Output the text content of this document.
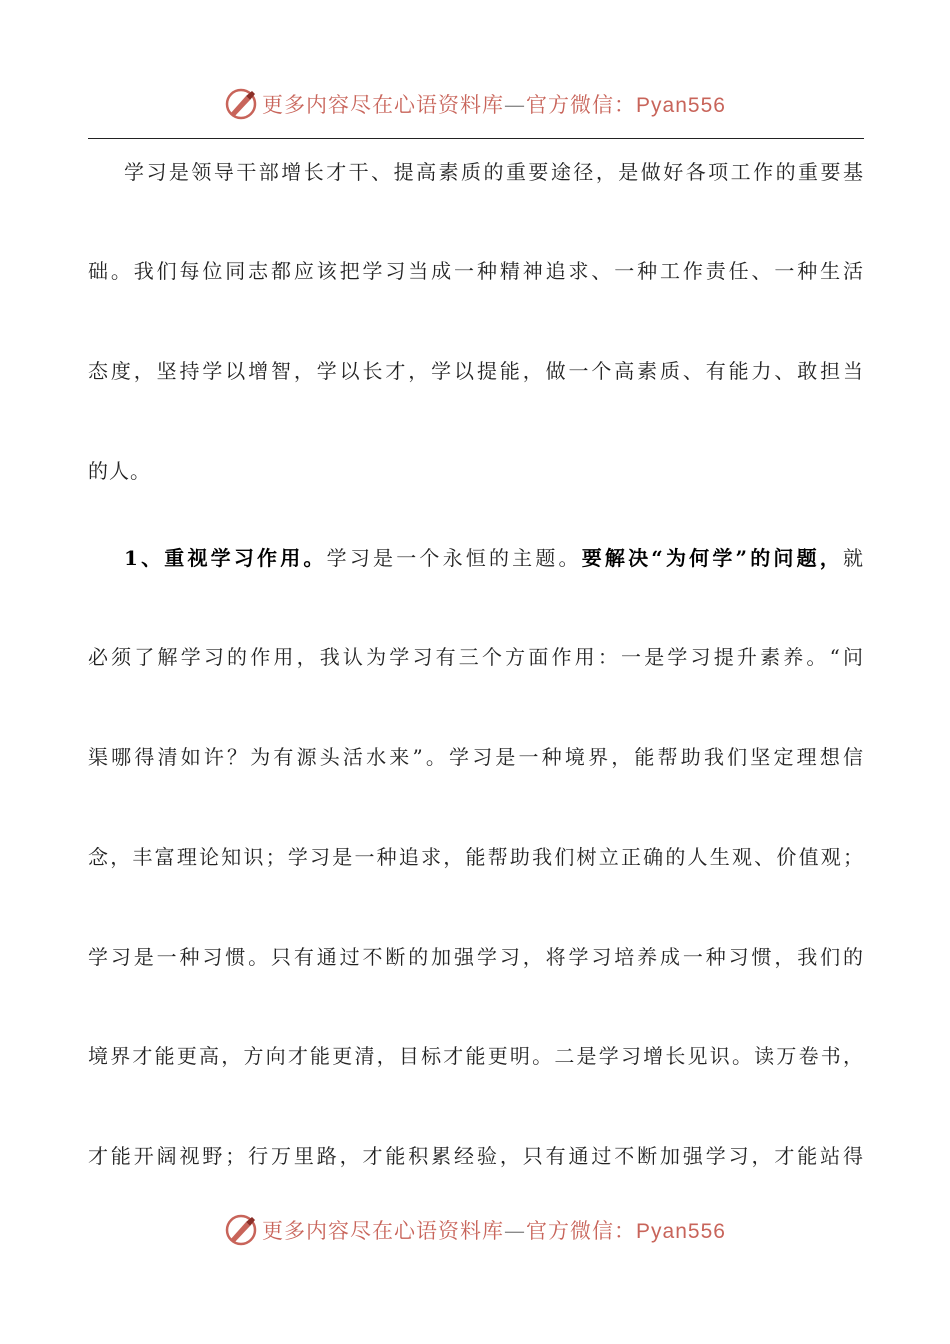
更多内容尽在心语资料库—官方微信：Pyan556
学习是领导干部增长才干、提高素质的重要途径，是做好各项工作的重要基
础。我们每位同志都应该把学习当成一种精神追求、一种工作责任、一种生活
态度，坚持学以增智，学以长才，学以提能，做一个高素质、有能力、敢担当
的人。
1、重视学习作用。学习是一个永恒的主题。要解决“为何学”的问题，就
必须了解学习的作用，我认为学习有三个方面作用：一是学习提升素养。“问
渠哪得清如许？为有源头活水来”。学习是一种境界，能帮助我们坚定理想信
念，丰富理论知识；学习是一种追求，能帮助我们树立正确的人生观、价值观；
学习是一种习惯。只有通过不断的加强学习，将学习培养成一种习惯，我们的
境界才能更高，方向才能更清，目标才能更明。二是学习增长见识。读万卷书，
才能开阔视野；行万里路，才能积累经验，只有通过不断加强学习，才能站得
更多内容尽在心语资料库—官方微信：Pyan556
